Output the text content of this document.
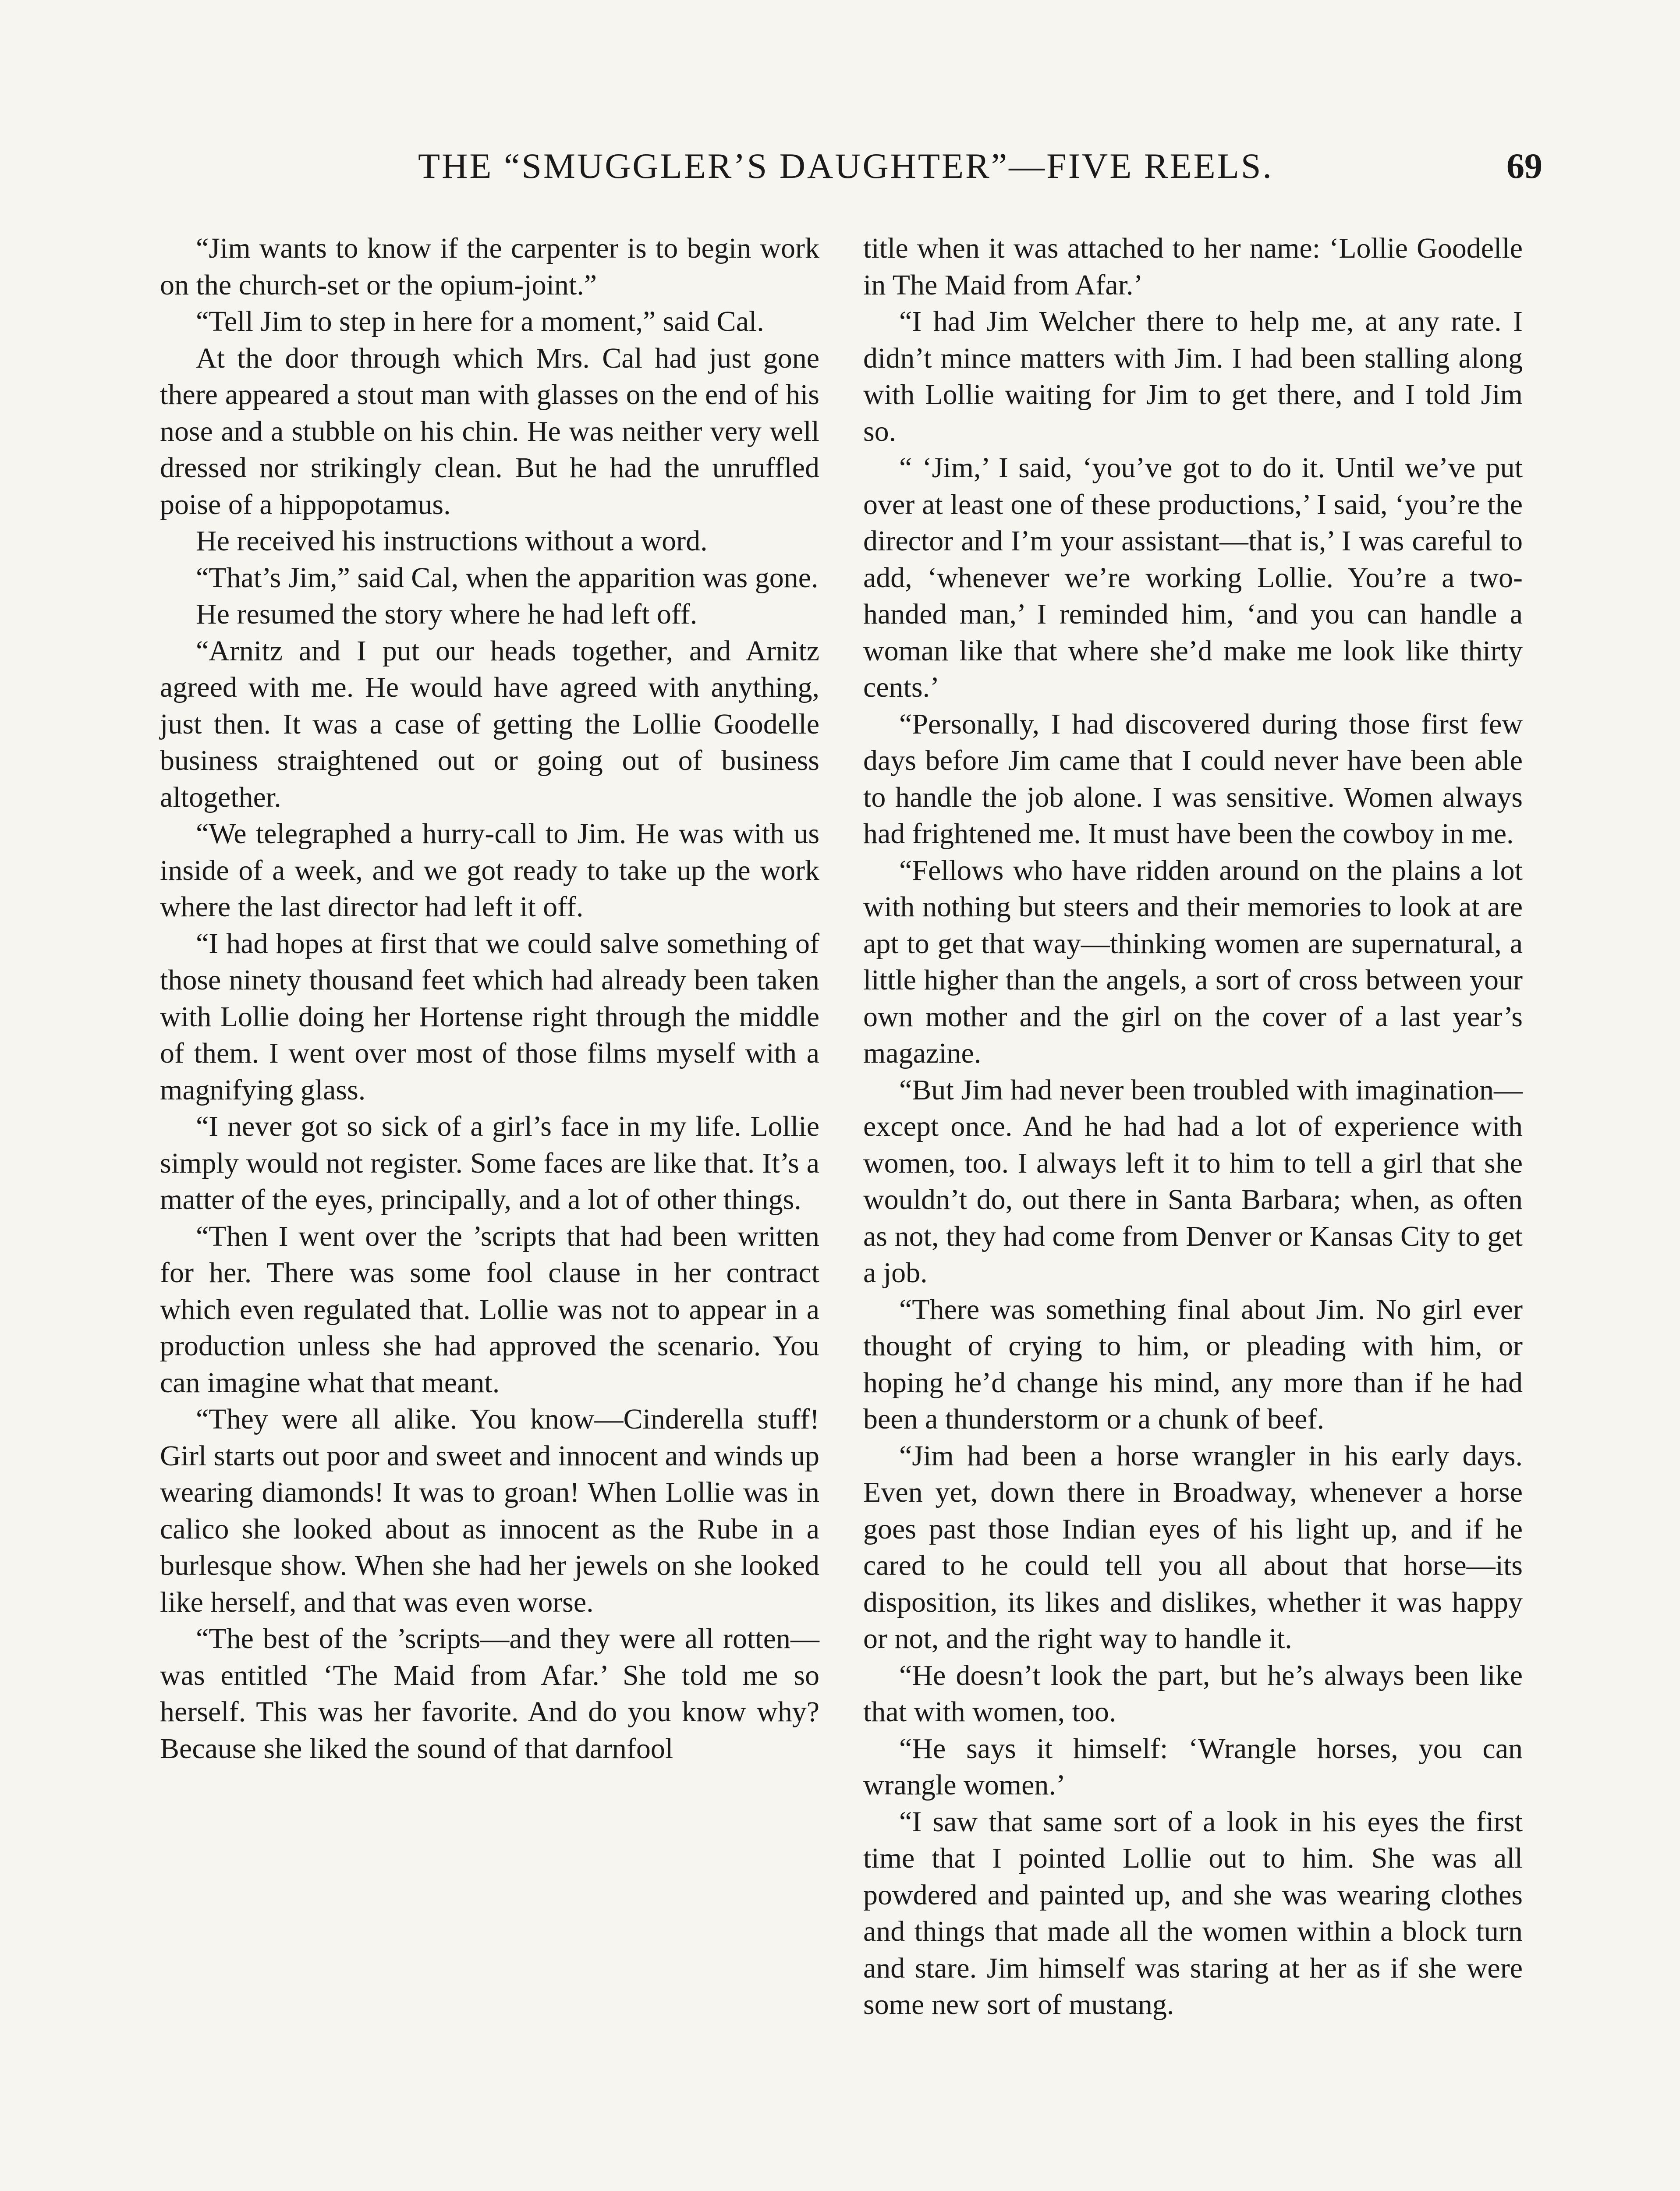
THE “SMUGGLER’S DAUGHTER”—FIVE REELS.	69

“Jim wants to know if the carpenter is to begin work on the church-set or the opium-joint.”

“Tell Jim to step in here for a moment,” said Cal.

At the door through which Mrs. Cal had just gone there appeared a stout man with glasses on the end of his nose and a stubble on his chin. He was neither very well dressed nor strikingly clean. But he had the unruffled poise of a hippopotamus.

He received his instructions without a word.

“That’s Jim,” said Cal, when the apparition was gone.

He resumed the story where he had left off.

“Arnitz and I put our heads together, and Arnitz agreed with me. He would have agreed with anything, just then. It was a case of getting the Lollie Goodelle business straightened out or going out of business altogether.

“We telegraphed a hurry-call to Jim. He was with us inside of a week, and we got ready to take up the work where the last director had left it off.

“I had hopes at first that we could salve something of those ninety thousand feet which had already been taken with Lollie doing her Hortense right through the middle of them. I went over most of those films myself with a magnifying glass.

“I never got so sick of a girl’s face in my life. Lollie simply would not register. Some faces are like that. It’s a matter of the eyes, principally, and a lot of other things.

“Then I went over the ’scripts that had been written for her. There was some fool clause in her contract which even regulated that. Lollie was not to appear in a production unless she had approved the scenario. You can imagine what that meant.

“They were all alike. You know—Cinderella stuff! Girl starts out poor and sweet and innocent and winds up wearing diamonds! It was to groan! When Lollie was in calico she looked about as innocent as the Rube in a burlesque show. When she had her jewels on she looked like herself, and that was even worse.

“The best of the ’scripts—and they were all rotten—was entitled ‘The Maid from Afar.’ She told me so herself. This was her favorite. And do you know why? Because she liked the sound of that darnfool

title when it was attached to her name: ‘Lollie Goodelle in The Maid from Afar.’

“I had Jim Welcher there to help me, at any rate. I didn’t mince matters with Jim. I had been stalling along with Lollie waiting for Jim to get there, and I told Jim so.

“ ‘Jim,’ I said, ‘you’ve got to do it. Until we’ve put over at least one of these productions,’ I said, ‘you’re the director and I’m your assistant—that is,’ I was careful to add, ‘whenever we’re working Lollie. You’re a two-handed man,’ I reminded him, ‘and you can handle a woman like that where she’d make me look like thirty cents.’

“Personally, I had discovered during those first few days before Jim came that I could never have been able to handle the job alone. I was sensitive. Women always had frightened me. It must have been the cowboy in me.

“Fellows who have ridden around on the plains a lot with nothing but steers and their memories to look at are apt to get that way—thinking women are supernatural, a little higher than the angels, a sort of cross between your own mother and the girl on the cover of a last year’s magazine.

“But Jim had never been troubled with imagination—except once. And he had had a lot of experience with women, too. I always left it to him to tell a girl that she wouldn’t do, out there in Santa Barbara; when, as often as not, they had come from Denver or Kansas City to get a job.

“There was something final about Jim. No girl ever thought of crying to him, or pleading with him, or hoping he’d change his mind, any more than if he had been a thunderstorm or a chunk of beef.

“Jim had been a horse wrangler in his early days. Even yet, down there in Broadway, whenever a horse goes past those Indian eyes of his light up, and if he cared to he could tell you all about that horse—its disposition, its likes and dislikes, whether it was happy or not, and the right way to handle it.

“He doesn’t look the part, but he’s always been like that with women, too.

“He says it himself: ‘Wrangle horses, you can wrangle women.’

“I saw that same sort of a look in his eyes the first time that I pointed Lollie out to him. She was all powdered and painted up, and she was wearing clothes and things that made all the women within a block turn and stare. Jim himself was staring at her as if she were some new sort of mustang.
